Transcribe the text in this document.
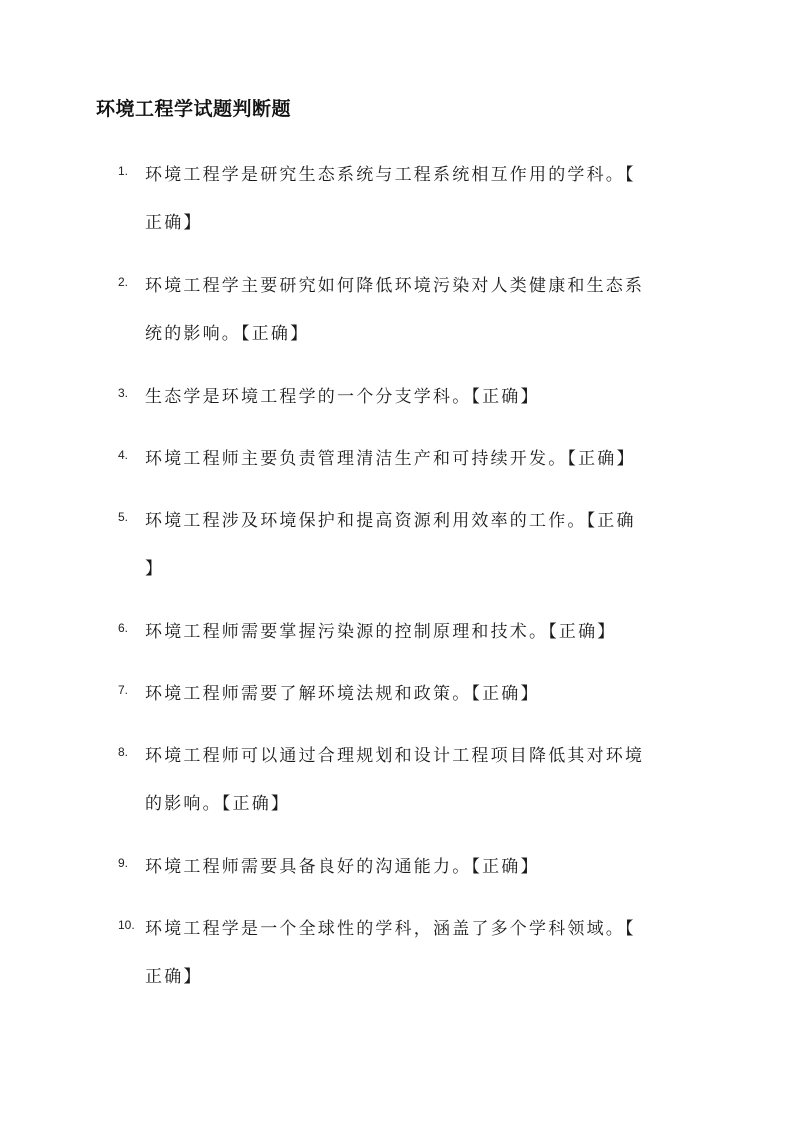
环境工程学试题判断题
1. 环境工程学是研究生态系统与工程系统相互作用的学科。【
正确】
2. 环境工程学主要研究如何降低环境污染对人类健康和生态系
统的影响。【正确】
3. 生态学是环境工程学的一个分支学科。【正确】
4. 环境工程师主要负责管理清洁生产和可持续开发。【正确】
5. 环境工程涉及环境保护和提高资源利用效率的工作。【正确
】
6. 环境工程师需要掌握污染源的控制原理和技术。【正确】
7. 环境工程师需要了解环境法规和政策。【正确】
8. 环境工程师可以通过合理规划和设计工程项目降低其对环境
的影响。【正确】
9. 环境工程师需要具备良好的沟通能力。【正确】
10. 环境工程学是一个全球性的学科，涵盖了多个学科领域。【
正确】
